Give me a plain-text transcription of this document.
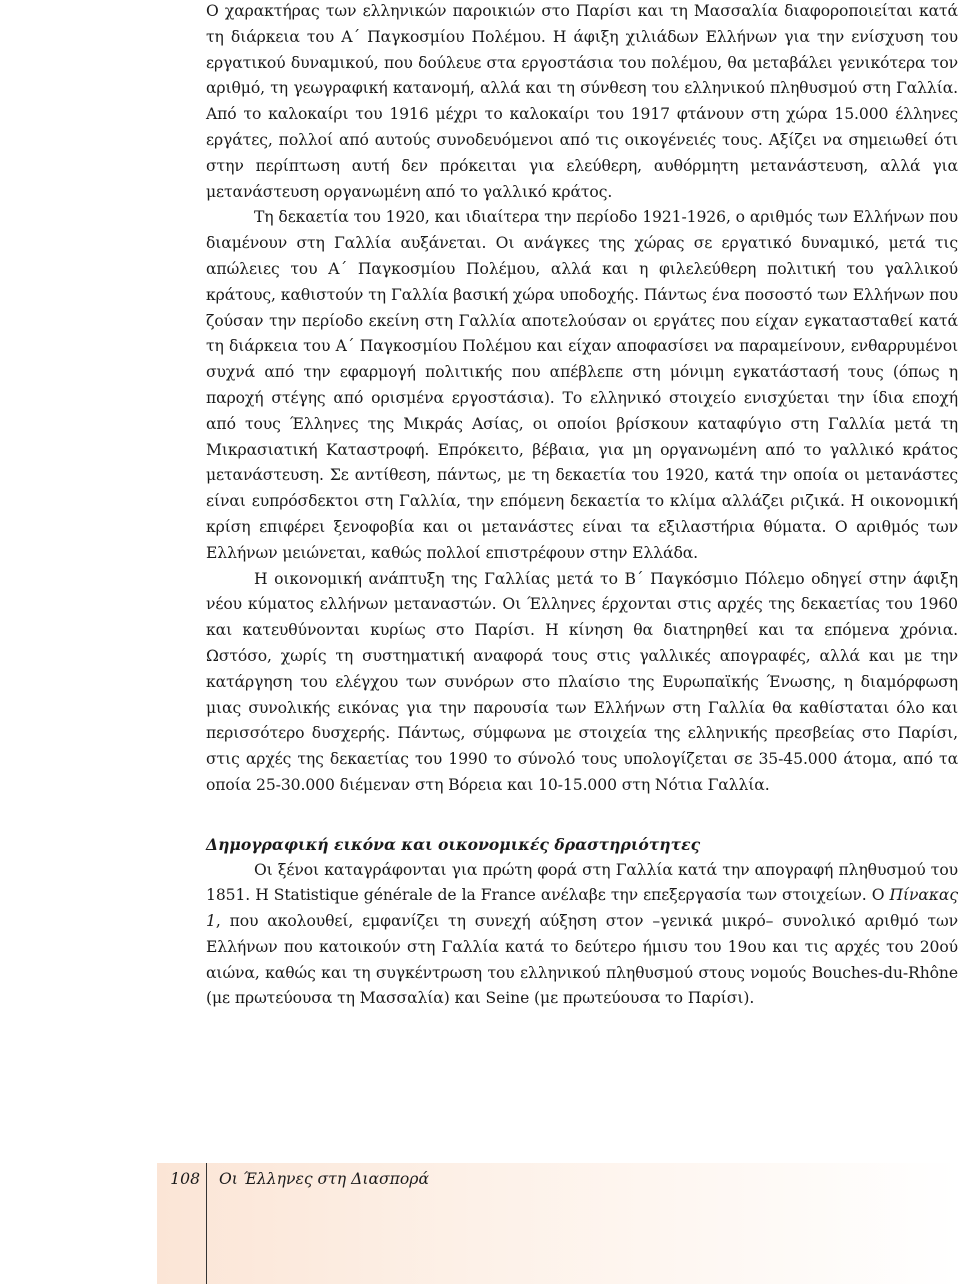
Ο χαρακτήρας των ελληνικών παροικιών στο Παρίσι και τη Μασσαλία διαφοροποιείται κατά τη διάρκεια του Α΄ Παγκοσμίου Πολέμου. Η άφιξη χιλιάδων Ελλήνων για την ενίσχυση του εργατικού δυναμικού, που δούλευε στα εργοστάσια του πολέμου, θα μεταβάλει γενικότερα τον αριθμό, τη γεωγραφική κατανομή, αλλά και τη σύνθεση του ελληνικού πληθυσμού στη Γαλλία. Από το καλοκαίρι του 1916 μέχρι το καλοκαίρι του 1917 φτάνουν στη χώρα 15.000 έλληνες εργάτες, πολλοί από αυτούς συνοδευόμενοι από τις οικογένειές τους. Αξίζει να σημειωθεί ότι στην περίπτωση αυτή δεν πρόκειται για ελεύθερη, αυθόρμητη μετανάστευση, αλλά για μετανάστευση οργανωμένη από το γαλλικό κράτος.

Τη δεκαετία του 1920, και ιδιαίτερα την περίοδο 1921-1926, ο αριθμός των Ελλήνων που διαμένουν στη Γαλλία αυξάνεται. Οι ανάγκες της χώρας σε εργατικό δυναμικό, μετά τις απώλειες του Α΄ Παγκοσμίου Πολέμου, αλλά και η φιλελεύθερη πολιτική του γαλλικού κράτους, καθιστούν τη Γαλλία βασική χώρα υποδοχής. Πάντως ένα ποσοστό των Ελλήνων που ζούσαν την περίοδο εκείνη στη Γαλλία αποτελούσαν οι εργάτες που είχαν εγκατασταθεί κατά τη διάρκεια του Α΄ Παγκοσμίου Πολέμου και είχαν αποφασίσει να παραμείνουν, ενθαρρυμένοι συχνά από την εφαρμογή πολιτικής που απέβλεπε στη μόνιμη εγκατάστασή τους (όπως η παροχή στέγης από ορισμένα εργοστάσια). Το ελληνικό στοιχείο ενισχύεται την ίδια εποχή από τους Έλληνες της Μικράς Ασίας, οι οποίοι βρίσκουν καταφύγιο στη Γαλλία μετά τη Μικρασιατική Καταστροφή. Επρόκειτο, βέβαια, για μη οργανωμένη από το γαλλικό κράτος μετανάστευση. Σε αντίθεση, πάντως, με τη δεκαετία του 1920, κατά την οποία οι μετανάστες είναι ευπρόσδεκτοι στη Γαλλία, την επόμενη δεκαετία το κλίμα αλλάζει ριζικά. Η οικονομική κρίση επιφέρει ξενοφοβία και οι μετανάστες είναι τα εξιλαστήρια θύματα. Ο αριθμός των Ελλήνων μειώνεται, καθώς πολλοί επιστρέφουν στην Ελλάδα.

Η οικονομική ανάπτυξη της Γαλλίας μετά το Β΄ Παγκόσμιο Πόλεμο οδηγεί στην άφιξη νέου κύματος ελλήνων μεταναστών. Οι Έλληνες έρχονται στις αρχές της δεκαετίας του 1960 και κατευθύνονται κυρίως στο Παρίσι. Η κίνηση θα διατηρηθεί και τα επόμενα χρόνια. Ωστόσο, χωρίς τη συστηματική αναφορά τους στις γαλλικές απογραφές, αλλά και με την κατάργηση του ελέγχου των συνόρων στο πλαίσιο της Ευρωπαϊκής Ένωσης, η διαμόρφωση μιας συνολικής εικόνας για την παρουσία των Ελλήνων στη Γαλλία θα καθίσταται όλο και περισσότερο δυσχερής. Πάντως, σύμφωνα με στοιχεία της ελληνικής πρεσβείας στο Παρίσι, στις αρχές της δεκαετίας του 1990 το σύνολό τους υπολογίζεται σε 35-45.000 άτομα, από τα οποία 25-30.000 διέμεναν στη Βόρεια και 10-15.000 στη Νότια Γαλλία.

Δημογραφική εικόνα και οικονομικές δραστηριότητες

Οι ξένοι καταγράφονται για πρώτη φορά στη Γαλλία κατά την απογραφή πληθυσμού του 1851. Η Statistique générale de la France ανέλαβε την επεξεργασία των στοιχείων. Ο Πίνακας 1, που ακολουθεί, εμφανίζει τη συνεχή αύξηση στον –γενικά μικρό– συνολικό αριθμό των Ελλήνων που κατοικούν στη Γαλλία κατά το δεύτερο ήμισυ του 19ου και τις αρχές του 20ού αιώνα, καθώς και τη συγκέντρωση του ελληνικού πληθυσμού στους νομούς Bouches-du-Rhône (με πρωτεύουσα τη Μασσαλία) και Seine (με πρωτεύουσα το Παρίσι).

108 Οι Έλληνες στη Διασπορά
